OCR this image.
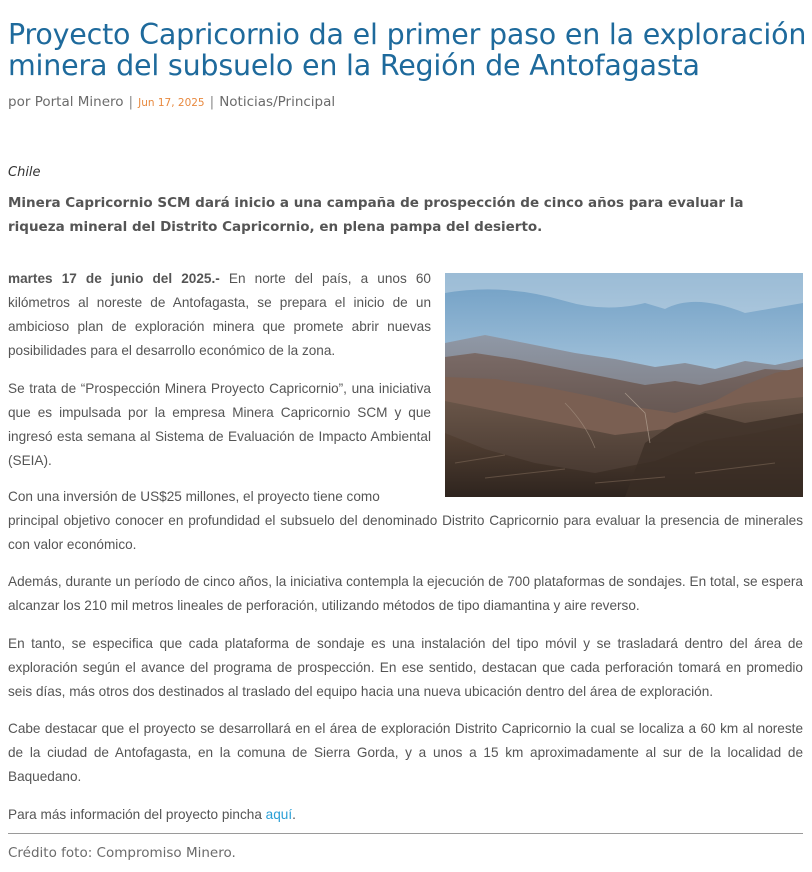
Proyecto Capricornio da el primer paso en la exploración minera del subsuelo en la Región de Antofagasta
por Portal Minero | Jun 17, 2025 | Noticias/Principal
Chile

Minera Capricornio SCM dará inicio a una campaña de prospección de cinco años para evaluar la riqueza mineral del Distrito Capricornio, en plena pampa del desierto.

martes 17 de junio del 2025.- En norte del país, a unos 60 kilómetros al noreste de Antofagasta, se prepara el inicio de un ambicioso plan de exploración minera que promete abrir nuevas posibilidades para el desarrollo económico de la zona.

Se trata de “Prospección Minera Proyecto Capricornio”, una iniciativa que es impulsada por la empresa Minera Capricornio SCM y que ingresó esta semana al Sistema de Evaluación de Impacto Ambiental (SEIA).

Con una inversión de US$25 millones, el proyecto tiene como

principal objetivo conocer en profundidad el subsuelo del denominado Distrito Capricornio para evaluar la presencia de minerales con valor económico.

Además, durante un período de cinco años, la iniciativa contempla la ejecución de 700 plataformas de sondajes. En total, se espera alcanzar los 210 mil metros lineales de perforación, utilizando métodos de tipo diamantina y aire reverso.

En tanto, se especifica que cada plataforma de sondaje es una instalación del tipo móvil y se trasladará dentro del área de exploración según el avance del programa de prospección. En ese sentido, destacan que cada perforación tomará en promedio seis días, más otros dos destinados al traslado del equipo hacia una nueva ubicación dentro del área de exploración.

Cabe destacar que el proyecto se desarrollará en el área de exploración Distrito Capricornio la cual se localiza a 60 km al noreste de la ciudad de Antofagasta, en la comuna de Sierra Gorda, y a unos a 15 km aproximadamente al sur de la localidad de Baquedano.

Para más información del proyecto pincha aquí.

Crédito foto: Compromiso Minero.
